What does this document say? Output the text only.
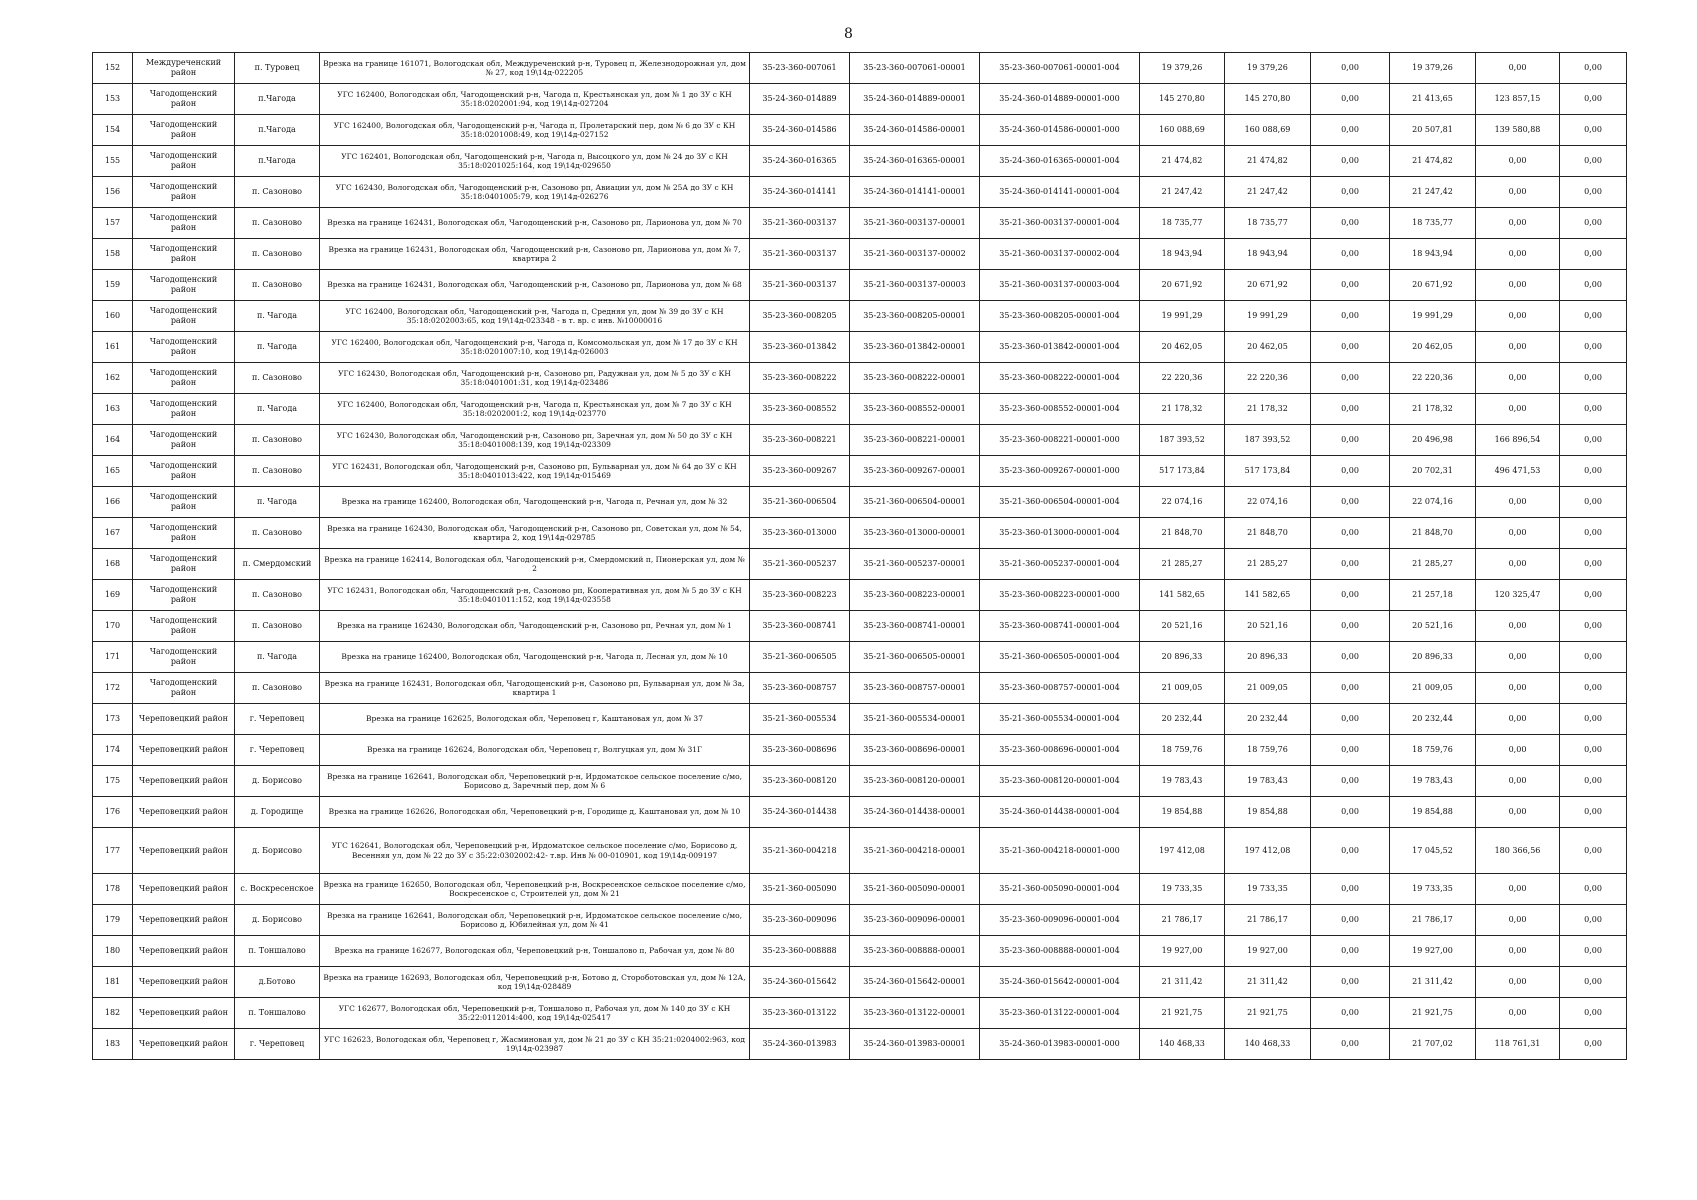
8
152	Междуреченский район	п. Туровец	Врезка на границе 161071, Вологодская обл, Междуреченский р-н, Туровец п, Железнодорожная ул, дом № 27, код 19\14д-022205	35-23-360-007061	35-23-360-007061-00001	35-23-360-007061-00001-004	19 379,26	19 379,26	0,00	19 379,26	0,00	0,00
153	Чагодощенский район	п.Чагода	УГС 162400, Вологодская обл, Чагодощенский р-н, Чагода п, Крестьянская ул, дом № 1 до ЗУ с КН 35:18:0202001:94, код 19\14д-027204	35-24-360-014889	35-24-360-014889-00001	35-24-360-014889-00001-000	145 270,80	145 270,80	0,00	21 413,65	123 857,15	0,00
154	Чагодощенский район	п.Чагода	УГС 162400, Вологодская обл, Чагодощенский р-н, Чагода п, Пролетарский пер, дом № 6 до ЗУ с КН 35:18:0201008:49, код 19\14д-027152	35-24-360-014586	35-24-360-014586-00001	35-24-360-014586-00001-000	160 088,69	160 088,69	0,00	20 507,81	139 580,88	0,00
155	Чагодощенский район	п.Чагода	УГС 162401, Вологодская обл, Чагодощенский р-н, Чагода п, Высоцкого ул, дом № 24 до ЗУ с КН 35:18:0201025:164, код 19\14д-029650	35-24-360-016365	35-24-360-016365-00001	35-24-360-016365-00001-004	21 474,82	21 474,82	0,00	21 474,82	0,00	0,00
156	Чагодощенский район	п. Сазоново	УГС 162430, Вологодская обл, Чагодощенский р-н, Сазоново рп, Авиации ул, дом № 25А до ЗУ с КН 35:18:0401005:79, код 19\14д-026276	35-24-360-014141	35-24-360-014141-00001	35-24-360-014141-00001-004	21 247,42	21 247,42	0,00	21 247,42	0,00	0,00
157	Чагодощенский район	п. Сазоново	Врезка на границе 162431, Вологодская обл, Чагодощенский р-н, Сазоново рп, Ларионова ул, дом № 70	35-21-360-003137	35-21-360-003137-00001	35-21-360-003137-00001-004	18 735,77	18 735,77	0,00	18 735,77	0,00	0,00
158	Чагодощенский район	п. Сазоново	Врезка на границе 162431, Вологодская обл, Чагодощенский р-н, Сазоново рп, Ларионова ул, дом № 7, квартира 2	35-21-360-003137	35-21-360-003137-00002	35-21-360-003137-00002-004	18 943,94	18 943,94	0,00	18 943,94	0,00	0,00
159	Чагодощенский район	п. Сазоново	Врезка на границе 162431, Вологодская обл, Чагодощенский р-н, Сазоново рп, Ларионова ул, дом № 68	35-21-360-003137	35-21-360-003137-00003	35-21-360-003137-00003-004	20 671,92	20 671,92	0,00	20 671,92	0,00	0,00
160	Чагодощенский район	п. Чагода	УГС 162400, Вологодская обл, Чагодощенский р-н, Чагода п, Средняя ул, дом № 39 до ЗУ с КН 35:18:0202003:65, код 19\14д-023348 - в т. вр. с инв. №10000016	35-23-360-008205	35-23-360-008205-00001	35-23-360-008205-00001-004	19 991,29	19 991,29	0,00	19 991,29	0,00	0,00
161	Чагодощенский район	п. Чагода	УГС 162400, Вологодская обл, Чагодощенский р-н, Чагода п, Комсомольская ул, дом № 17 до ЗУ с КН 35:18:0201007:10, код 19\14д-026003	35-23-360-013842	35-23-360-013842-00001	35-23-360-013842-00001-004	20 462,05	20 462,05	0,00	20 462,05	0,00	0,00
162	Чагодощенский район	п. Сазоново	УГС 162430, Вологодская обл, Чагодощенский р-н, Сазоново рп, Радужная ул, дом № 5 до ЗУ с КН 35:18:0401001:31, код 19\14д-023486	35-23-360-008222	35-23-360-008222-00001	35-23-360-008222-00001-004	22 220,36	22 220,36	0,00	22 220,36	0,00	0,00
163	Чагодощенский район	п. Чагода	УГС 162400, Вологодская обл, Чагодощенский р-н, Чагода п, Крестьянская ул, дом № 7 до ЗУ с КН 35:18:0202001:2, код 19\14д-023770	35-23-360-008552	35-23-360-008552-00001	35-23-360-008552-00001-004	21 178,32	21 178,32	0,00	21 178,32	0,00	0,00
164	Чагодощенский район	п. Сазоново	УГС 162430, Вологодская обл, Чагодощенский р-н, Сазоново рп, Заречная ул, дом № 50 до ЗУ с КН 35:18:0401008:139, код 19\14д-023309	35-23-360-008221	35-23-360-008221-00001	35-23-360-008221-00001-000	187 393,52	187 393,52	0,00	20 496,98	166 896,54	0,00
165	Чагодощенский район	п. Сазоново	УГС 162431, Вологодская обл, Чагодощенский р-н, Сазоново рп, Бульварная ул, дом № 64 до ЗУ с КН 35:18:0401013:422, код 19\14д-015469	35-23-360-009267	35-23-360-009267-00001	35-23-360-009267-00001-000	517 173,84	517 173,84	0,00	20 702,31	496 471,53	0,00
166	Чагодощенский район	п. Чагода	Врезка на границе 162400, Вологодская обл, Чагодощенский р-н, Чагода п, Речная ул, дом № 32	35-21-360-006504	35-21-360-006504-00001	35-21-360-006504-00001-004	22 074,16	22 074,16	0,00	22 074,16	0,00	0,00
167	Чагодощенский район	п. Сазоново	Врезка на границе 162430, Вологодская обл, Чагодощенский р-н, Сазоново рп, Советская ул, дом № 54, квартира 2, код 19\14д-029785	35-23-360-013000	35-23-360-013000-00001	35-23-360-013000-00001-004	21 848,70	21 848,70	0,00	21 848,70	0,00	0,00
168	Чагодощенский район	п. Смердомский	Врезка на границе 162414, Вологодская обл, Чагодощенский р-н, Смердомский п, Пионерская ул, дом № 2	35-21-360-005237	35-21-360-005237-00001	35-21-360-005237-00001-004	21 285,27	21 285,27	0,00	21 285,27	0,00	0,00
169	Чагодощенский район	п. Сазоново	УГС 162431, Вологодская обл, Чагодощенский р-н, Сазоново рп, Кооперативная ул, дом № 5 до ЗУ с КН 35:18:0401011:152, код 19\14д-023558	35-23-360-008223	35-23-360-008223-00001	35-23-360-008223-00001-000	141 582,65	141 582,65	0,00	21 257,18	120 325,47	0,00
170	Чагодощенский район	п. Сазоново	Врезка на границе 162430, Вологодская обл, Чагодощенский р-н, Сазоново рп, Речная ул, дом № 1	35-23-360-008741	35-23-360-008741-00001	35-23-360-008741-00001-004	20 521,16	20 521,16	0,00	20 521,16	0,00	0,00
171	Чагодощенский район	п. Чагода	Врезка на границе 162400, Вологодская обл, Чагодощенский р-н, Чагода п, Лесная ул, дом № 10	35-21-360-006505	35-21-360-006505-00001	35-21-360-006505-00001-004	20 896,33	20 896,33	0,00	20 896,33	0,00	0,00
172	Чагодощенский район	п. Сазоново	Врезка на границе 162431, Вологодская обл, Чагодощенский р-н, Сазоново рп, Бульварная ул, дом № 3а, квартира 1	35-23-360-008757	35-23-360-008757-00001	35-23-360-008757-00001-004	21 009,05	21 009,05	0,00	21 009,05	0,00	0,00
173	Череповецкий район	г. Череповец	Врезка на границе 162625, Вологодская обл, Череповец г, Каштановая ул, дом № 37	35-21-360-005534	35-21-360-005534-00001	35-21-360-005534-00001-004	20 232,44	20 232,44	0,00	20 232,44	0,00	0,00
174	Череповецкий район	г. Череповец	Врезка на границе 162624, Вологодская обл, Череповец г, Волгуцкая ул, дом № 31Г	35-23-360-008696	35-23-360-008696-00001	35-23-360-008696-00001-004	18 759,76	18 759,76	0,00	18 759,76	0,00	0,00
175	Череповецкий район	д. Борисово	Врезка на границе 162641, Вологодская обл, Череповецкий р-н, Ирдоматское сельское поселение с/мо, Борисово д, Заречный пер, дом № 6	35-23-360-008120	35-23-360-008120-00001	35-23-360-008120-00001-004	19 783,43	19 783,43	0,00	19 783,43	0,00	0,00
176	Череповецкий район	д. Городище	Врезка на границе 162626, Вологодская обл, Череповецкий р-н, Городище д, Каштановая ул, дом № 10	35-24-360-014438	35-24-360-014438-00001	35-24-360-014438-00001-004	19 854,88	19 854,88	0,00	19 854,88	0,00	0,00
177	Череповецкий район	д. Борисово	УГС 162641, Вологодская обл, Череповецкий р-н, Ирдоматское сельское поселение с/мо, Борисово д, Весенняя ул, дом № 22 до ЗУ с 35:22:0302002:42- т.вр. Инв № 00-010901, код 19\14д-009197	35-21-360-004218	35-21-360-004218-00001	35-21-360-004218-00001-000	197 412,08	197 412,08	0,00	17 045,52	180 366,56	0,00
178	Череповецкий район	с. Воскресенское	Врезка на границе 162650, Вологодская обл, Череповецкий р-н, Воскресенское сельское поселение с/мо, Воскресенское с, Строителей ул, дом № 21	35-21-360-005090	35-21-360-005090-00001	35-21-360-005090-00001-004	19 733,35	19 733,35	0,00	19 733,35	0,00	0,00
179	Череповецкий район	д. Борисово	Врезка на границе 162641, Вологодская обл, Череповецкий р-н, Ирдоматское сельское поселение с/мо, Борисово д, Юбилейная ул, дом № 41	35-23-360-009096	35-23-360-009096-00001	35-23-360-009096-00001-004	21 786,17	21 786,17	0,00	21 786,17	0,00	0,00
180	Череповецкий район	п. Тоншалово	Врезка на границе 162677, Вологодская обл, Череповецкий р-н, Тоншалово п, Рабочая ул, дом № 80	35-23-360-008888	35-23-360-008888-00001	35-23-360-008888-00001-004	19 927,00	19 927,00	0,00	19 927,00	0,00	0,00
181	Череповецкий район	д.Ботово	Врезка на границе 162693, Вологодская обл, Череповецкий р-н, Ботово д, Стороботовская ул, дом № 12А, код 19\14д-028489	35-24-360-015642	35-24-360-015642-00001	35-24-360-015642-00001-004	21 311,42	21 311,42	0,00	21 311,42	0,00	0,00
182	Череповецкий район	п. Тоншалово	УГС 162677, Вологодская обл, Череповецкий р-н, Тоншалово п, Рабочая ул, дом № 140 до ЗУ с КН 35:22:0112014:400, код 19\14д-025417	35-23-360-013122	35-23-360-013122-00001	35-23-360-013122-00001-004	21 921,75	21 921,75	0,00	21 921,75	0,00	0,00
183	Череповецкий район	г. Череповец	УГС 162623, Вологодская обл, Череповец г, Жасминовая ул, дом № 21 до ЗУ с КН 35:21:0204002:963, код 19\14д-023987	35-24-360-013983	35-24-360-013983-00001	35-24-360-013983-00001-000	140 468,33	140 468,33	0,00	21 707,02	118 761,31	0,00
